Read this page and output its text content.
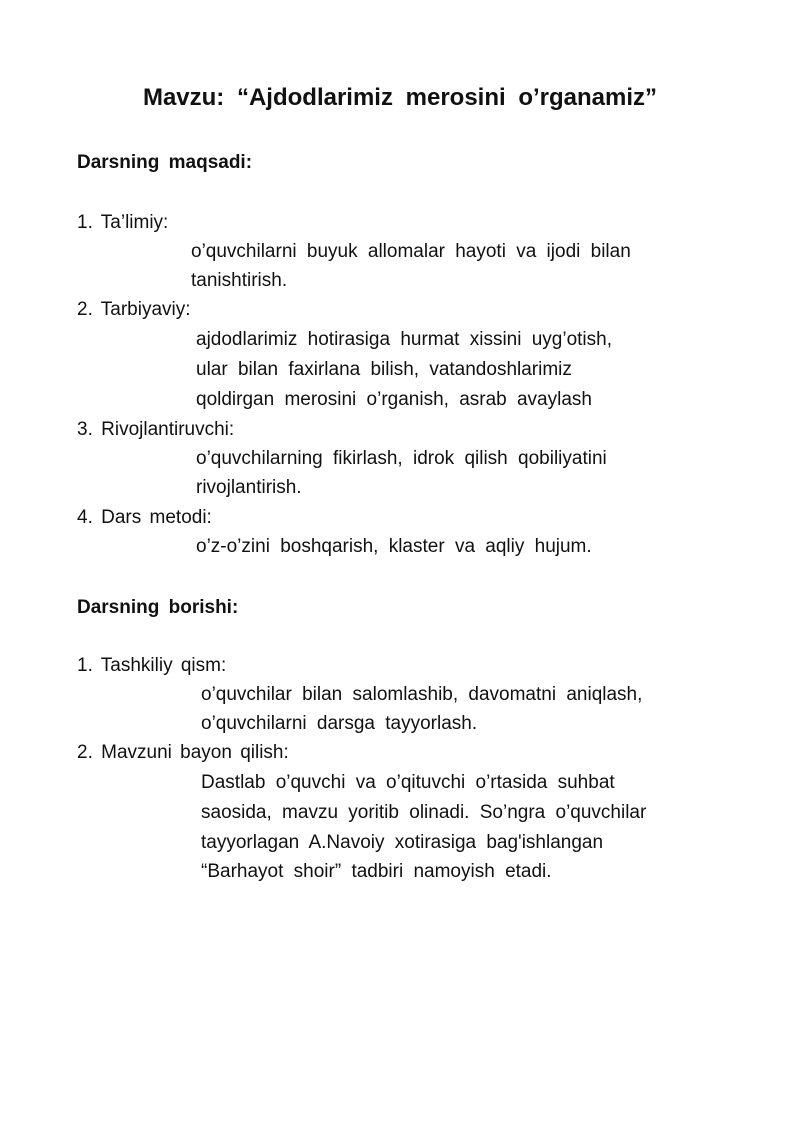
Mavzu: “Ajdodlarimiz merosini o’rganamiz”
Darsning maqsadi:
1. Ta’limiy:
o’quvchilarni buyuk allomalar hayoti va ijodi bilan
tanishtirish.
2. Tarbiyaviy:
ajdodlarimiz hotirasiga hurmat xissini uyg’otish,
ular bilan faxirlana bilish, vatandoshlarimiz
qoldirgan merosini o’rganish, asrab avaylash
3. Rivojlantiruvchi:
o’quvchilarning fikirlash, idrok qilish qobiliyatini
rivojlantirish.
4. Dars metodi:
o’z-o’zini boshqarish, klaster va aqliy hujum.
Darsning borishi:
1. Tashkiliy qism:
o’quvchilar bilan salomlashib, davomatni aniqlash,
o’quvchilarni darsga tayyorlash.
2. Mavzuni bayon qilish:
Dastlab o’quvchi va o’qituvchi o’rtasida suhbat
saosida, mavzu yoritib olinadi. So’ngra o’quvchilar
tayyorlagan A.Navoiy xotirasiga bag'ishlangan
“Barhayot shoir” tadbiri namoyish etadi.
